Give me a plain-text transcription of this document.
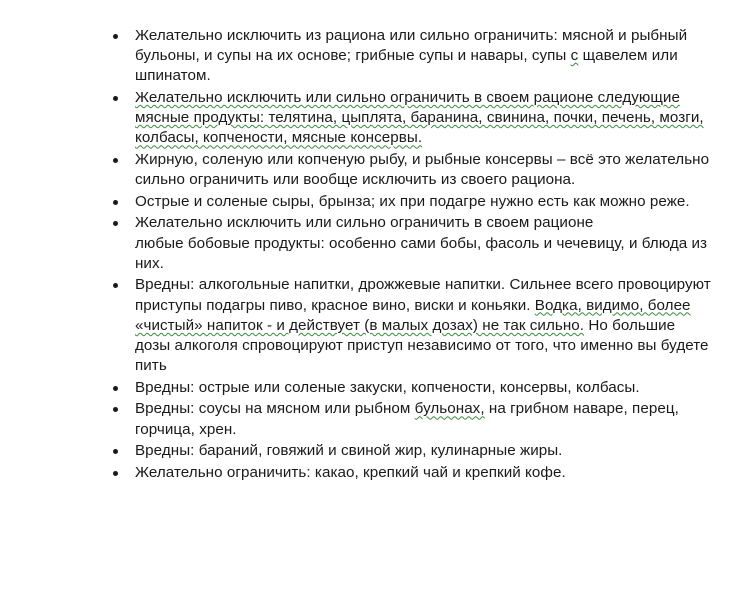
Желательно исключить из рациона или сильно ограничить: мясной и рыбный бульоны, и супы на их основе; грибные супы и навары, супы с щавелем или шпинатом.
Желательно исключить или сильно ограничить в своем рационе следующие мясные продукты: телятина, цыплята, баранина, свинина, почки, печень, мозги, колбасы, копчености, мясные консервы.
Жирную, соленую или копченую рыбу, и рыбные консервы – всё это желательно сильно ограничить или вообще исключить из своего рациона.
Острые и соленые сыры, брынза; их при подагре нужно есть как можно реже.
Желательно исключить или сильно ограничить в своем рационе
любые бобовые продукты: особенно сами бобы, фасоль и чечевицу, и блюда из них.
Вредны: алкогольные напитки, дрожжевые напитки. Сильнее всего провоцируют приступы подагры пиво, красное вино, виски и коньяки. Водка, видимо, более «чистый» напиток - и действует (в малых дозах) не так сильно. Но большие дозы алкоголя спровоцируют приступ независимо от того, что именно вы будете пить
Вредны: острые или соленые закуски, копчености, консервы, колбасы.
Вредны: соусы на мясном или рыбном бульонах, на грибном наваре, перец, горчица, хрен.
Вредны: бараний, говяжий и свиной жир, кулинарные жиры.
Желательно ограничить: какао, крепкий чай и крепкий кофе.
